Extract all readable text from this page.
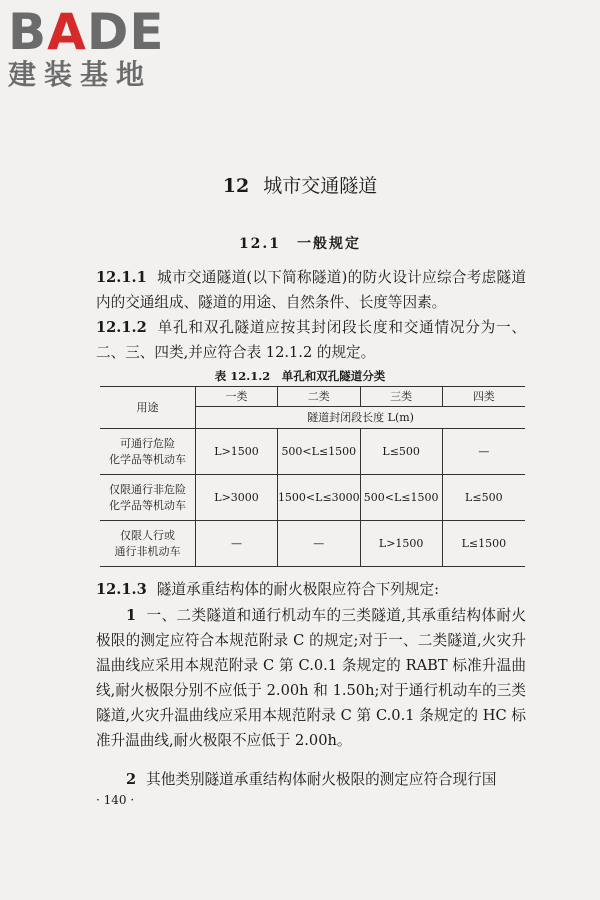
BADE
建装基地
12 城市交通隧道
12.1　一般规定
12.1.1 城市交通隧道(以下简称隧道)的防火设计应综合考虑隧道内的交通组成、隧道的用途、自然条件、长度等因素。
12.1.2 单孔和双孔隧道应按其封闭段长度和交通情况分为一、二、三、四类,并应符合表 12.1.2 的规定。
表 12.1.2　单孔和双孔隧道分类
用途	一类	二类	三类	四类
	隧道封闭段长度 L(m)			
可通行危险
化学品等机动车	L>1500	500<L≤1500	L≤500	—
仅限通行非危险
化学品等机动车	L>3000	1500<L≤3000	500<L≤1500	L≤500
仅限人行或
通行非机动车	—	—	L>1500	L≤1500
12.1.3 隧道承重结构体的耐火极限应符合下列规定:
1 一、二类隧道和通行机动车的三类隧道,其承重结构体耐火极限的测定应符合本规范附录 C 的规定;对于一、二类隧道,火灾升温曲线应采用本规范附录 C 第 C.0.1 条规定的 RABT 标准升温曲线,耐火极限分别不应低于 2.00h 和 1.50h;对于通行机动车的三类隧道,火灾升温曲线应采用本规范附录 C 第 C.0.1 条规定的 HC 标准升温曲线,耐火极限不应低于 2.00h。
2 其他类别隧道承重结构体耐火极限的测定应符合现行国
· 140 ·
